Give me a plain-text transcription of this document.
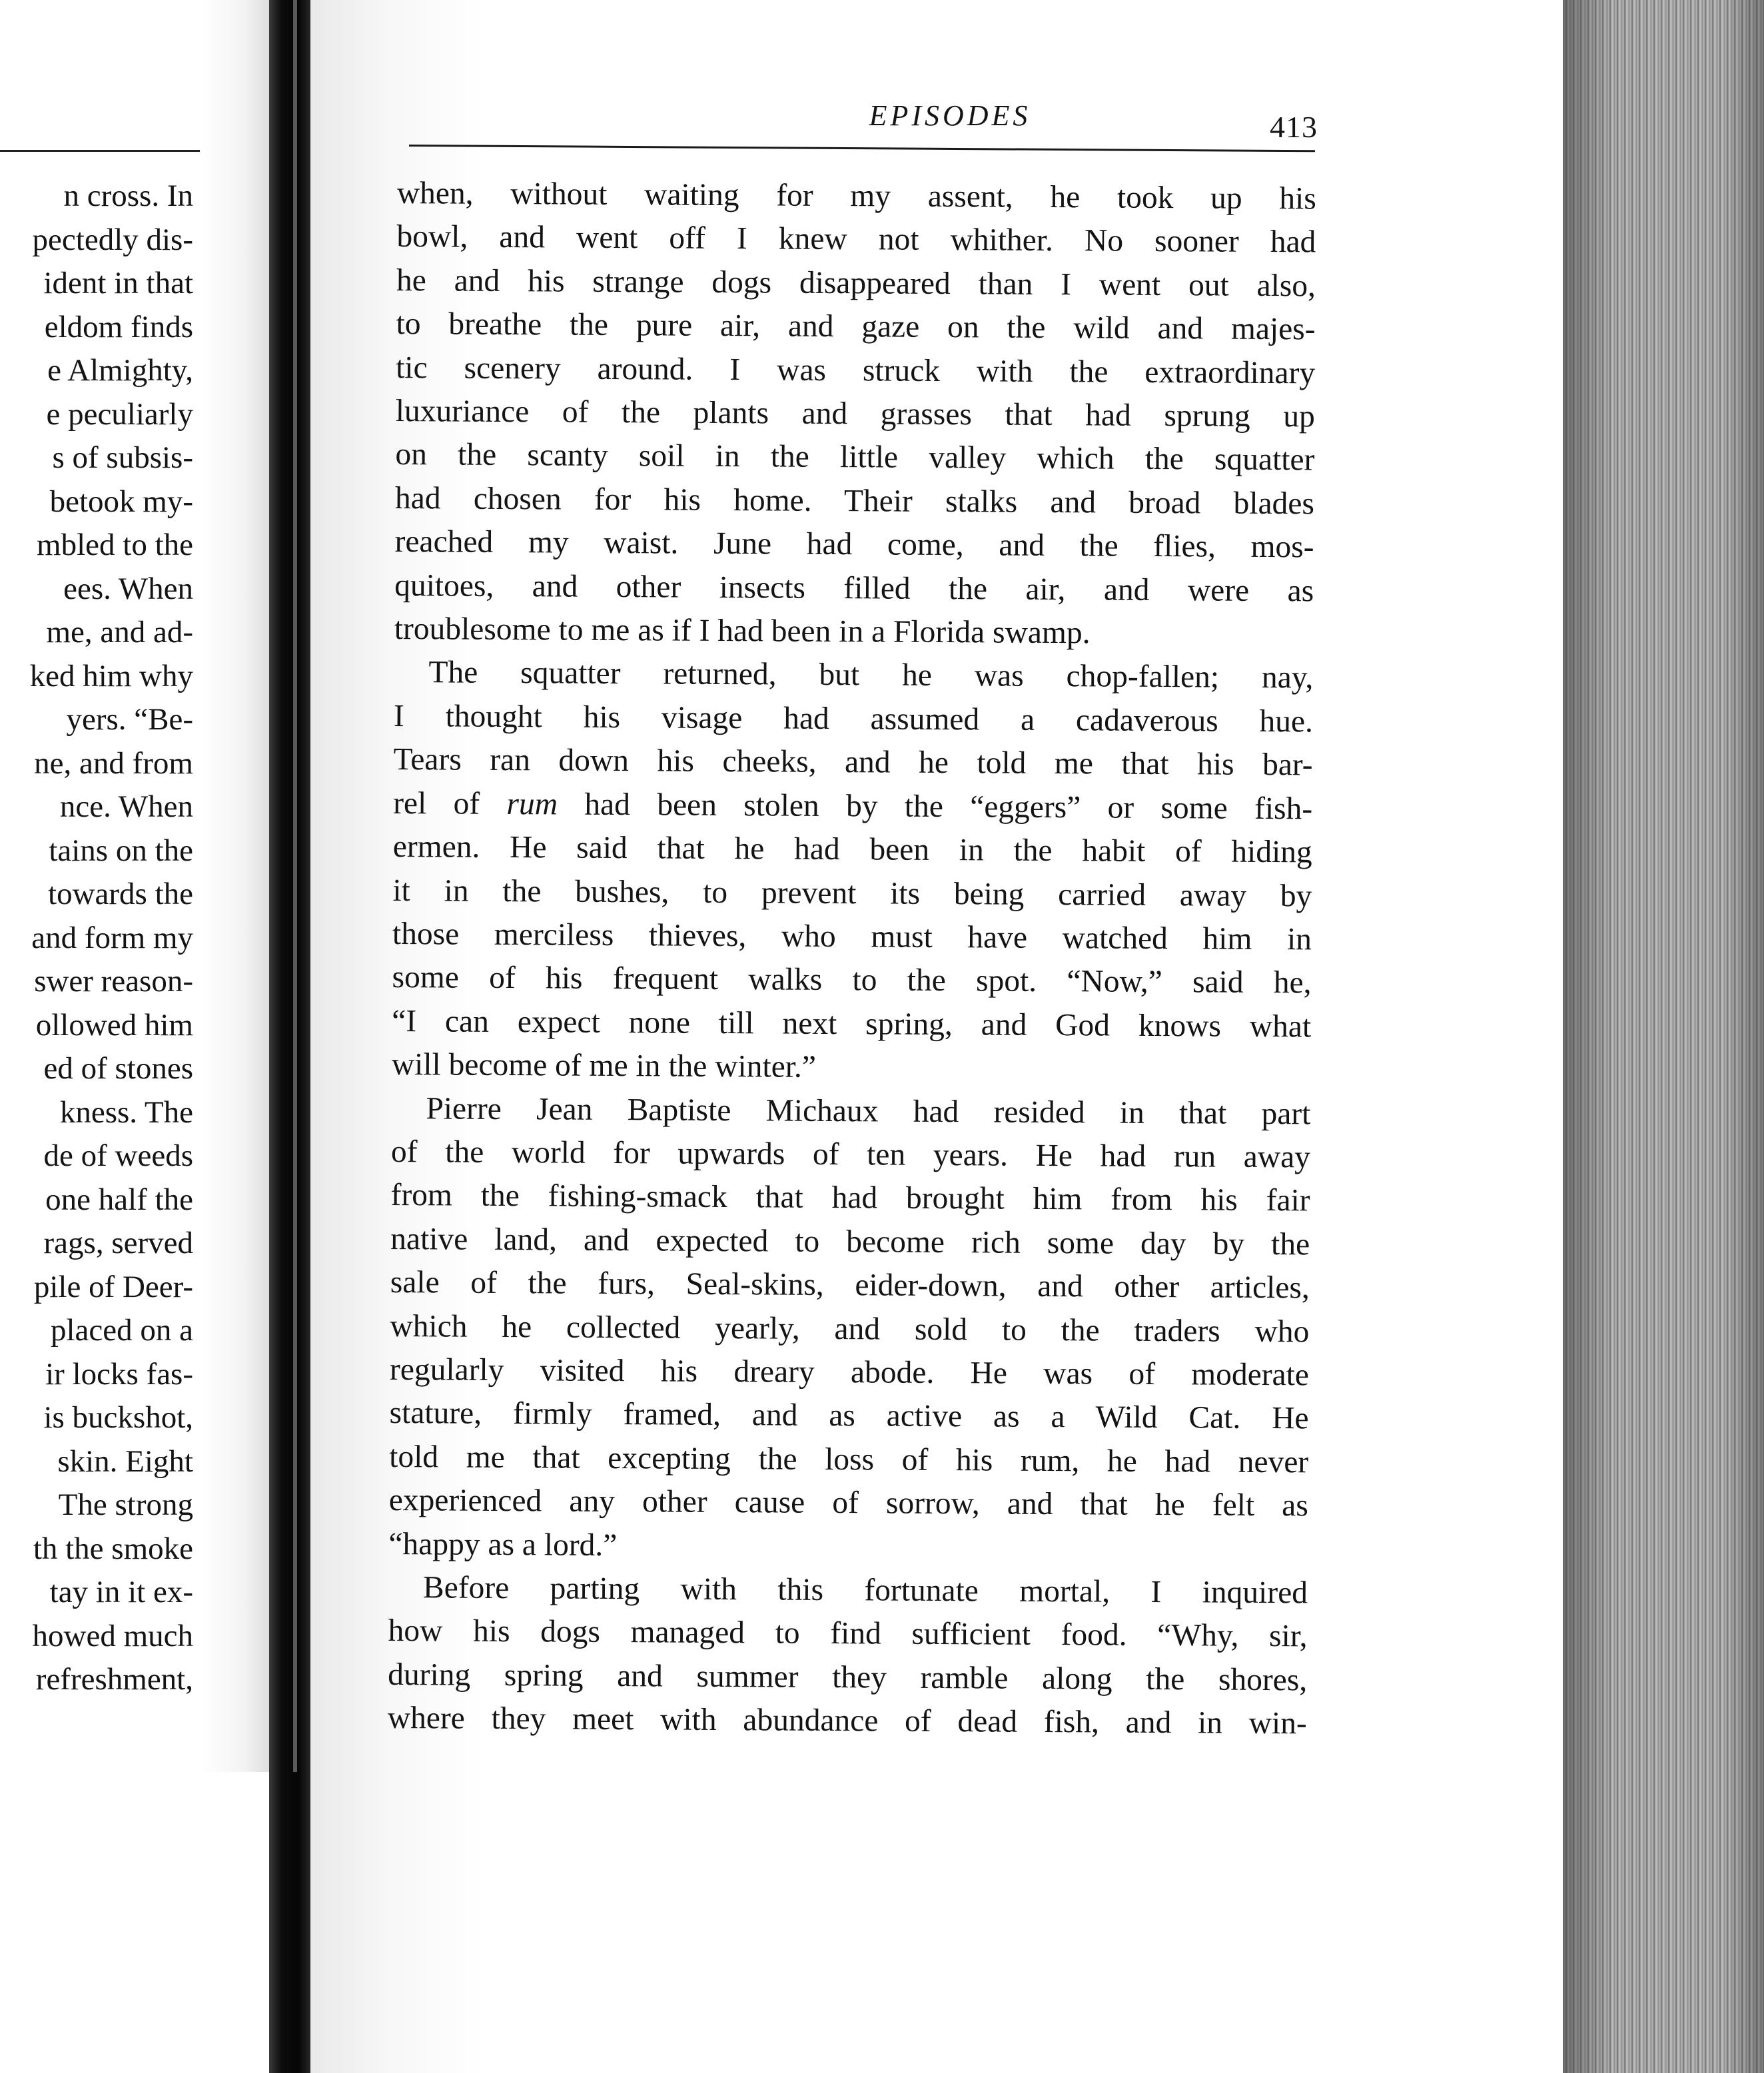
n cross. In
pectedly dis-
ident in that
eldom finds
e Almighty,
e peculiarly
s of subsis-
betook my-
mbled to the
ees. When
me, and ad-
ked him why
yers. “Be-
ne, and from
nce. When
tains on the
towards the
and form my
swer reason-
ollowed him
ed of stones
kness. The
de of weeds
one half the
rags, served
pile of Deer-
placed on a
ir locks fas-
is buckshot,
skin. Eight
The strong
th the smoke
tay in it ex-
howed much
refreshment,
EPISODES	413
when, without waiting for my assent, he took up his
bowl, and went off I knew not whither. No sooner had
he and his strange dogs disappeared than I went out also,
to breathe the pure air, and gaze on the wild and majes-
tic scenery around. I was struck with the extraordinary
luxuriance of the plants and grasses that had sprung up
on the scanty soil in the little valley which the squatter
had chosen for his home. Their stalks and broad blades
reached my waist. June had come, and the flies, mos-
quitoes, and other insects filled the air, and were as
troublesome to me as if I had been in a Florida swamp.
The squatter returned, but he was chop-fallen; nay,
I thought his visage had assumed a cadaverous hue.
Tears ran down his cheeks, and he told me that his bar-
rel of rum had been stolen by the “eggers” or some fish-
ermen. He said that he had been in the habit of hiding
it in the bushes, to prevent its being carried away by
those merciless thieves, who must have watched him in
some of his frequent walks to the spot. “Now,” said he,
“I can expect none till next spring, and God knows what
will become of me in the winter.”
Pierre Jean Baptiste Michaux had resided in that part
of the world for upwards of ten years. He had run away
from the fishing-smack that had brought him from his fair
native land, and expected to become rich some day by the
sale of the furs, Seal-skins, eider-down, and other articles,
which he collected yearly, and sold to the traders who
regularly visited his dreary abode. He was of moderate
stature, firmly framed, and as active as a Wild Cat. He
told me that excepting the loss of his rum, he had never
experienced any other cause of sorrow, and that he felt as
“happy as a lord.”
Before parting with this fortunate mortal, I inquired
how his dogs managed to find sufficient food. “Why, sir,
during spring and summer they ramble along the shores,
where they meet with abundance of dead fish, and in win-
